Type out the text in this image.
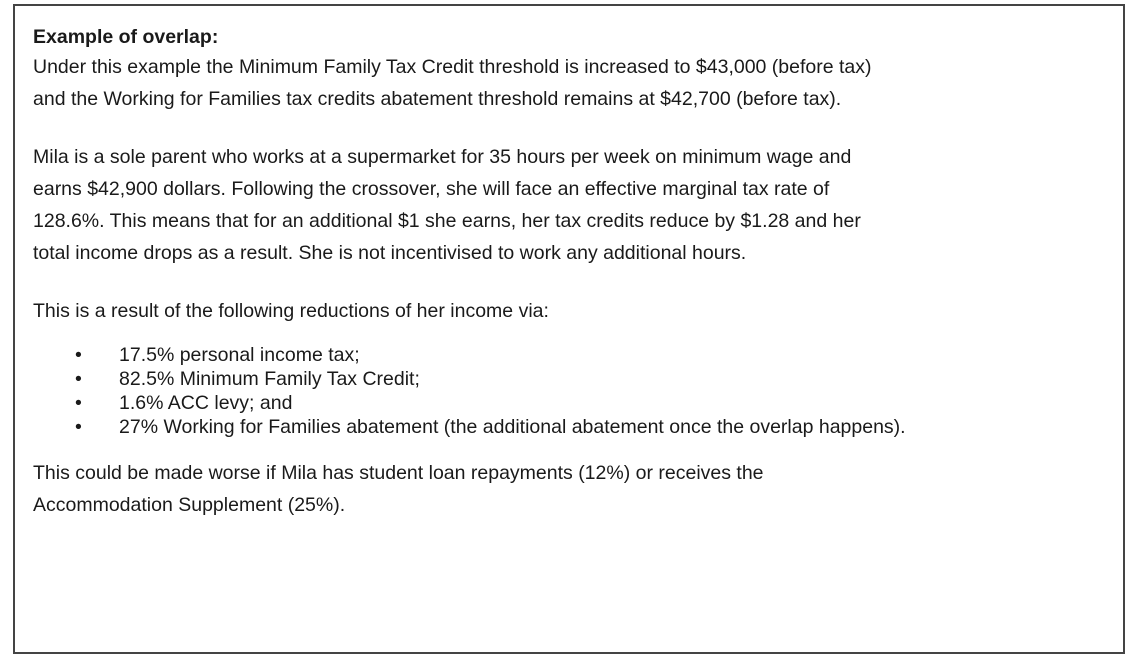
Example of overlap:

Under this example the Minimum Family Tax Credit threshold is increased to $43,000 (before tax)
and the Working for Families tax credits abatement threshold remains at $42,700 (before tax).

Mila is a sole parent who works at a supermarket for 35 hours per week on minimum wage and
earns $42,900 dollars. Following the crossover, she will face an effective marginal tax rate of
128.6%. This means that for an additional $1 she earns, her tax credits reduce by $1.28 and her
total income drops as a result. She is not incentivised to work any additional hours.

This is a result of the following reductions of her income via:

• 17.5% personal income tax;
• 82.5% Minimum Family Tax Credit;
• 1.6% ACC levy; and
• 27% Working for Families abatement (the additional abatement once the overlap happens).

This could be made worse if Mila has student loan repayments (12%) or receives the
Accommodation Supplement (25%).
